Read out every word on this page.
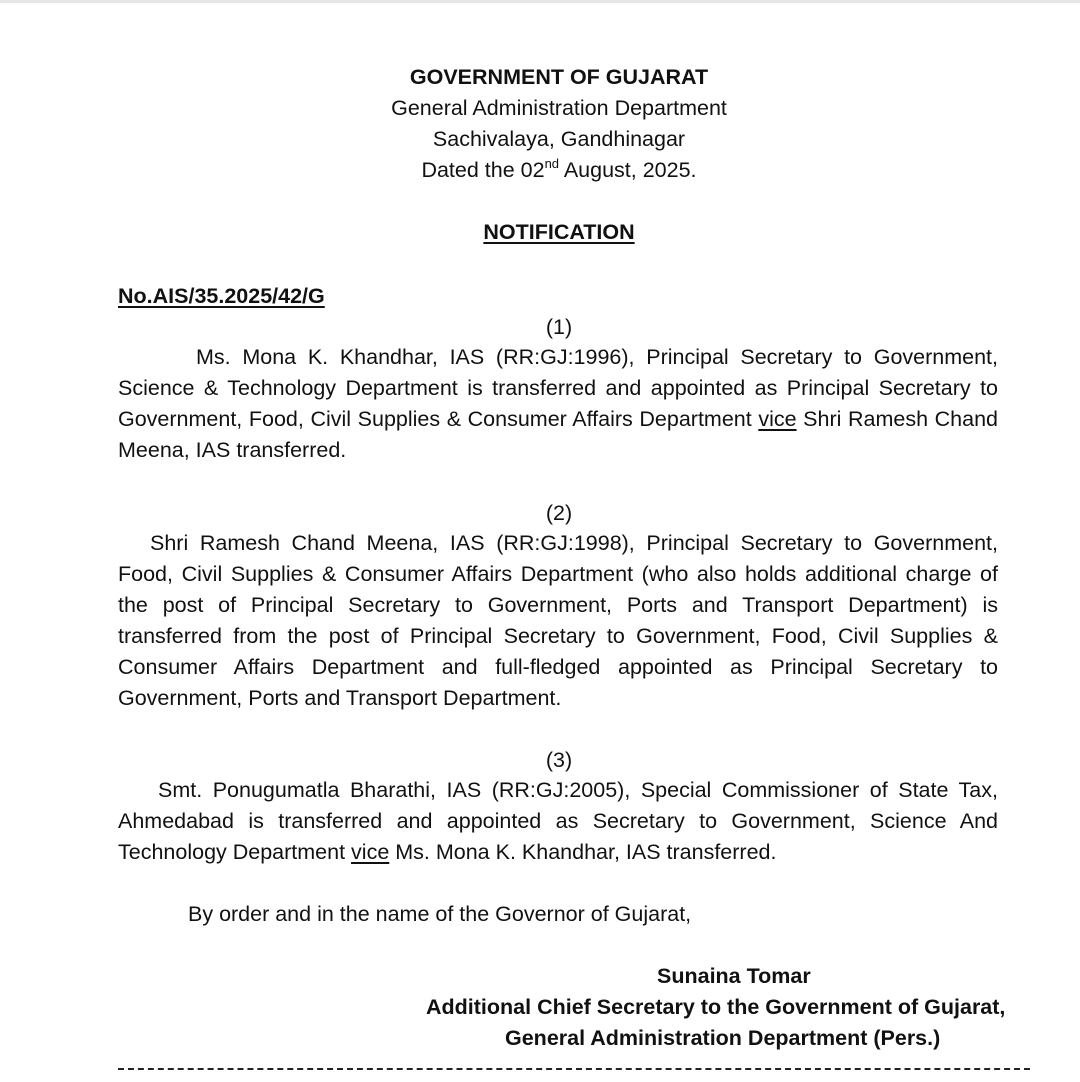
GOVERNMENT OF GUJARAT
General Administration Department
Sachivalaya, Gandhinagar
Dated the 02nd August, 2025.
NOTIFICATION
No.AIS/35.2025/42/G
(1)
Ms. Mona K. Khandhar, IAS (RR:GJ:1996), Principal Secretary to Government, Science & Technology Department is transferred and appointed as Principal Secretary to Government, Food, Civil Supplies & Consumer Affairs Department vice Shri Ramesh Chand Meena, IAS transferred.
(2)
Shri Ramesh Chand Meena, IAS (RR:GJ:1998), Principal Secretary to Government, Food, Civil Supplies & Consumer Affairs Department (who also holds additional charge of the post of Principal Secretary to Government, Ports and Transport Department) is transferred from the post of Principal Secretary to Government, Food, Civil Supplies & Consumer Affairs Department and full-fledged appointed as Principal Secretary to Government, Ports and Transport Department.
(3)
Smt. Ponugumatla Bharathi, IAS (RR:GJ:2005), Special Commissioner of State Tax, Ahmedabad is transferred and appointed as Secretary to Government, Science And Technology Department vice Ms. Mona K. Khandhar, IAS transferred.
By order and in the name of the Governor of Gujarat,
Sunaina Tomar
Additional Chief Secretary to the Government of Gujarat,
General Administration Department (Pers.)
